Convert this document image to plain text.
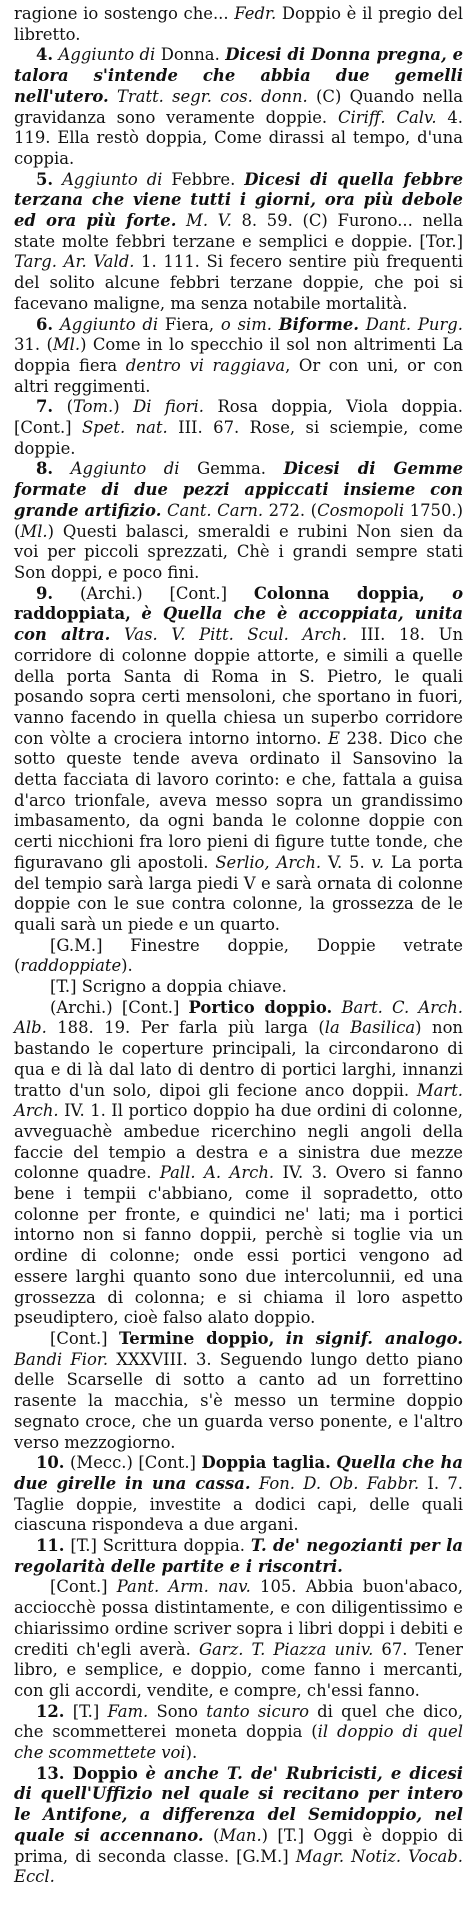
ragione io sostengo che... Fedr. Doppio è il pregio del libretto.

4. Aggiunto di Donna. Dicesi di Donna pregna, e talora s'intende che abbia due gemelli nell'utero. Tratt. segr. cos. donn. (C) Quando nella gravidanza sono veramente doppie. Ciriff. Calv. 4. 119. Ella restò doppia, Come dirassi al tempo, d'una coppia.

5. Aggiunto di Febbre. Dicesi di quella febbre terzana che viene tutti i giorni, ora più debole ed ora più forte. M. V. 8. 59. (C) Furono... nella state molte febbri terzane e semplici e doppie. [Tor.] Targ. Ar. Vald. 1. 111. Si fecero sentire più frequenti del solito alcune febbri terzane doppie, che poi si facevano maligne, ma senza notabile mortalità.

6. Aggiunto di Fiera, o sim. Biforme. Dant. Purg. 31. (Ml.) Come in lo specchio il sol non altrimenti La doppia fiera dentro vi raggiava, Or con uni, or con altri reggimenti.

7. (Tom.) Di fiori. Rosa doppia, Viola doppia. [Cont.] Spet. nat. III. 67. Rose, si sciempie, come doppie.

8. Aggiunto di Gemma. Dicesi di Gemme formate di due pezzi appiccati insieme con grande artifizio. Cant. Carn. 272. (Cosmopoli 1750.) (Ml.) Questi balasci, smeraldi e rubini Non sien da voi per piccoli sprezzati, Chè i grandi sempre stati Son doppi, e poco fini.

9. (Archi.) [Cont.] Colonna doppia, o raddoppiata, è Quella che è accoppiata, unita con altra. Vas. V. Pitt. Scul. Arch. III. 18. Un corridore di colonne doppie attorte, e simili a quelle della porta Santa di Roma in S. Pietro, le quali posando sopra certi mensoloni, che sportano in fuori, vanno facendo in quella chiesa un superbo corridore con vòlte a crociera intorno intorno. E 238. Dico che sotto queste tende aveva ordinato il Sansovino la detta facciata di lavoro corinto: e che, fattala a guisa d'arco trionfale, aveva messo sopra un grandissimo imbasamento, da ogni banda le colonne doppie con certi nicchioni fra loro pieni di figure tutte tonde, che figuravano gli apostoli. Serlio, Arch. V. 5. v. La porta del tempio sarà larga piedi V e sarà ornata di colonne doppie con le sue contra colonne, la grossezza de le quali sarà un piede e un quarto.

[G.M.] Finestre doppie, Doppie vetrate (raddoppiate).

[T.] Scrigno a doppia chiave.

(Archi.) [Cont.] Portico doppio. Bart. C. Arch. Alb. 188. 19. Per farla più larga (la Basilica) non bastando le coperture principali, la circondarono di qua e di là dal lato di dentro di portici larghi, innanzi tratto d'un solo, dipoi gli fecione anco doppii. Mart. Arch. IV. 1. Il portico doppio ha due ordini di colonne, avveguachè ambedue ricerchino negli angoli della faccie del tempio a destra e a sinistra due mezze colonne quadre. Pall. A. Arch. IV. 3. Overo si fanno bene i tempii c'abbiano, come il sopradetto, otto colonne per fronte, e quindici ne' lati; ma i portici intorno non si fanno doppii, perchè si toglie via un ordine di colonne; onde essi portici vengono ad essere larghi quanto sono due intercolunnii, ed una grossezza di colonna; e si chiama il loro aspetto pseudiptero, cioè falso alato doppio.

[Cont.] Termine doppio, in signif. analogo. Bandi Fior. XXXVIII. 3. Seguendo lungo detto piano delle Scarselle di sotto a canto ad un forrettino rasente la macchia, s'è messo un termine doppio segnato croce, che un guarda verso ponente, e l'altro verso mezzogiorno.

10. (Mecc.) [Cont.] Doppia taglia. Quella che ha due girelle in una cassa. Fon. D. Ob. Fabbr. I. 7. Taglie doppie, investite a dodici capi, delle quali ciascuna rispondeva a due argani.

11. [T.] Scrittura doppia. T. de' negozianti per la regolarità delle partite e i riscontri.

[Cont.] Pant. Arm. nav. 105. Abbia buon'abaco, acciocchè possa distintamente, e con diligentissimo e chiarissimo ordine scriver sopra i libri doppi i debiti e crediti ch'egli averà. Garz. T. Piazza univ. 67. Tener libro, e semplice, e doppio, come fanno i mercanti, con gli accordi, vendite, e compre, ch'essi fanno.

12. [T.] Fam. Sono tanto sicuro di quel che dico, che scommetterei moneta doppia (il doppio di quel che scommettete voi).

13. Doppio è anche T. de' Rubricisti, e dicesi di quell'Uffizio nel quale si recitano per intero le Antifone, a differenza del Semidoppio, nel quale si accennano. (Man.) [T.] Oggi è doppio di prima, di seconda classe. [G.M.] Magr. Notiz. Vocab. Eccl.
